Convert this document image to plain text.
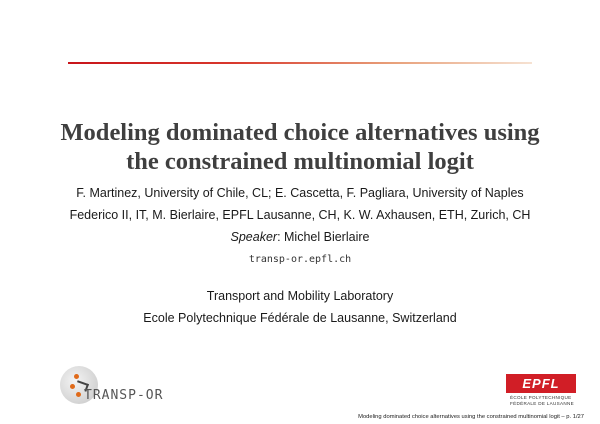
Modeling dominated choice alternatives using
the constrained multinomial logit
F. Martinez, University of Chile, CL; E. Cascetta, F. Pagliara, University of Naples
Federico II, IT, M. Bierlaire, EPFL Lausanne, CH, K. W. Axhausen, ETH, Zurich, CH
Speaker: Michel Bierlaire
transp-or.epfl.ch
Transport and Mobility Laboratory
Ecole Polytechnique Fédérale de Lausanne, Switzerland
TRANSP-OR
EPFL
ÉCOLE POLYTECHNIQUE
FÉDÉRALE DE LAUSANNE
Modeling dominated choice alternatives using the constrained multinomial logit – p. 1/27
